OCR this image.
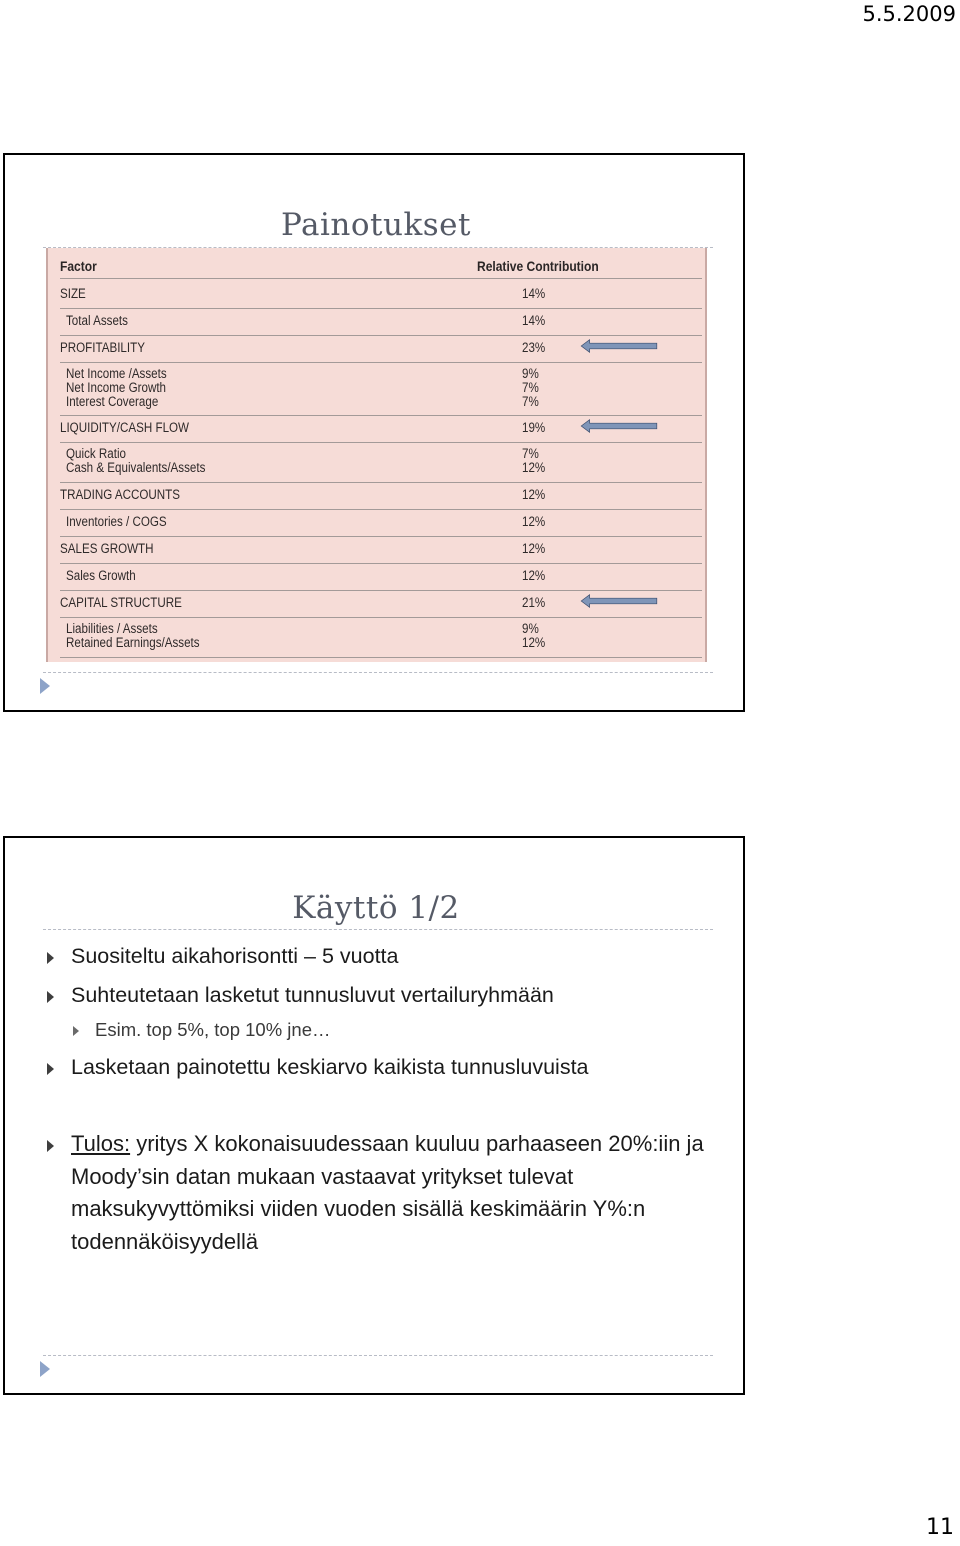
5.5.2009
Painotukset
Factor	Relative Contribution
SIZE	14%
Total Assets	14%
PROFITABILITY	23%
Net Income /Assets	9%
Net Income Growth	7%
Interest Coverage	7%
LIQUIDITY/CASH FLOW	19%
Quick Ratio	7%
Cash & Equivalents/Assets	12%
TRADING ACCOUNTS	12%
Inventories / COGS	12%
SALES GROWTH	12%
Sales Growth	12%
CAPITAL STRUCTURE	21%
Liabilities / Assets	9%
Retained Earnings/Assets	12%
Käyttö 1/2
Suositeltu aikahorisontti – 5 vuotta
Suhteutetaan lasketut tunnusluvut vertailuryhmään
Esim. top 5%, top 10% jne…
Lasketaan painotettu keskiarvo kaikista tunnusluvuista
Tulos: yritys X kokonaisuudessaan kuuluu parhaaseen 20%:iin ja Moody’sin datan mukaan vastaavat yritykset tulevat maksukyvyttömiksi viiden vuoden sisällä keskimäärin Y%:n todennäköisyydellä
11
